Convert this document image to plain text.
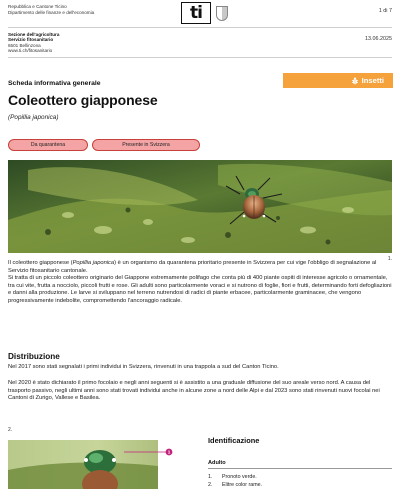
Repubblica e Cantone Ticino
Dipartimento delle finanze e dell'economia	ti	1 di 7
Sezione dell'agricoltura
Servizio fitosanitario
6501 Bellinzona
www.ti.ch/fitosanitario
13.06.2025
Scheda informativa generale	Insetti
Coleottero giapponese
(Popillia japonica)
Da quarantena	Presente in Svizzera
1.

Il coleottero giapponese (Popillia japonica) è un organismo da quarantena prioritario presente in Svizzera per cui vige l'obbligo di segnalazione al Servizio fitosanitario cantonale.

Si tratta di un piccolo coleottero originario del Giappone estremamente polifago che conta più di 400 piante ospiti di interesse agricolo o ornamentale, tra cui vite, frutta a nocciolo, piccoli frutti e rose. Gli adulti sono particolarmente voraci e si nutrono di foglie, fiori e frutti, determinando forti defogliazioni e danni alla produzione. Le larve si sviluppano nel terreno nutrendosi di radici di piante erbacee, particolarmente graminacee, che vengono progressivamente indebolite, compromettendo l'ancoraggio radicale.

Distribuzione

Nel 2017 sono stati segnalati i primi individui in Svizzera, rinvenuti in una trappola a sud del Canton Ticino.

Nel 2020 è stato dichiarato il primo focolaio e negli anni seguenti si è assistito a una graduale diffusione del suo areale verso nord. A causa del trasporto passivo, negli ultimi anni sono stati trovati individui anche in alcune zone a nord delle Alpi e dal 2023 sono stati rinvenuti nuovi focolai nei Cantoni di Zurigo, Vallese e Basilea.

2.
1
Identificazione
Adulto
1. Pronoto verde.
2. Elitre color rame.
